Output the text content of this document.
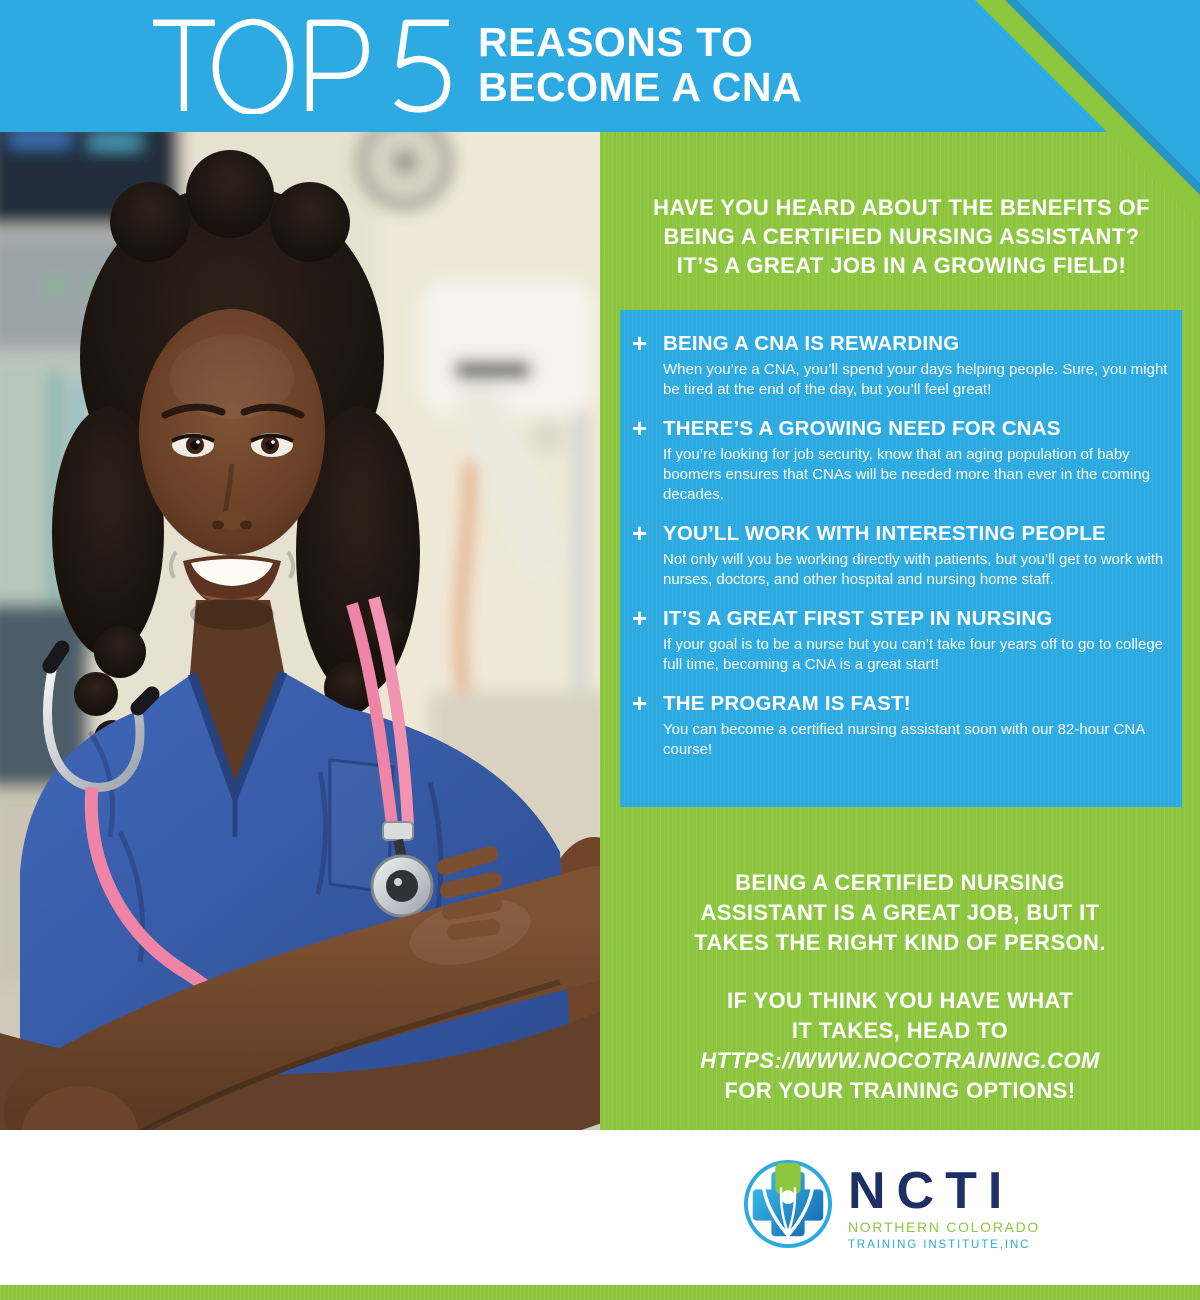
REASONS TO
BECOME A CNA
HAVE YOU HEARD ABOUT THE BENEFITS OF
BEING A CERTIFIED NURSING ASSISTANT?
IT’S A GREAT JOB IN A GROWING FIELD!
+ BEING A CNA IS REWARDING
When you’re a CNA, you’ll spend your days helping people. Sure, you might be tired at the end of the day, but you’ll feel great!
+ THERE’S A GROWING NEED FOR CNAS
If you’re looking for job security, know that an aging population of baby boomers ensures that CNAs will be needed more than ever in the coming decades.
+ YOU’LL WORK WITH INTERESTING PEOPLE
Not only will you be working directly with patients, but you’ll get to work with nurses, doctors, and other hospital and nursing home staff.
+ IT’S A GREAT FIRST STEP IN NURSING
If your goal is to be a nurse but you can’t take four years off to go to college full time, becoming a CNA is a great start!
+ THE PROGRAM IS FAST!
You can become a certified nursing assistant soon with our 82-hour CNA course!
BEING A CERTIFIED NURSING
ASSISTANT IS A GREAT JOB, BUT IT
TAKES THE RIGHT KIND OF PERSON.
IF YOU THINK YOU HAVE WHAT
IT TAKES, HEAD TO
HTTPS://WWW.NOCOTRAINING.COM
FOR YOUR TRAINING OPTIONS!
NCTI
NORTHERN COLORADO
TRAINING INSTITUTE,INC
